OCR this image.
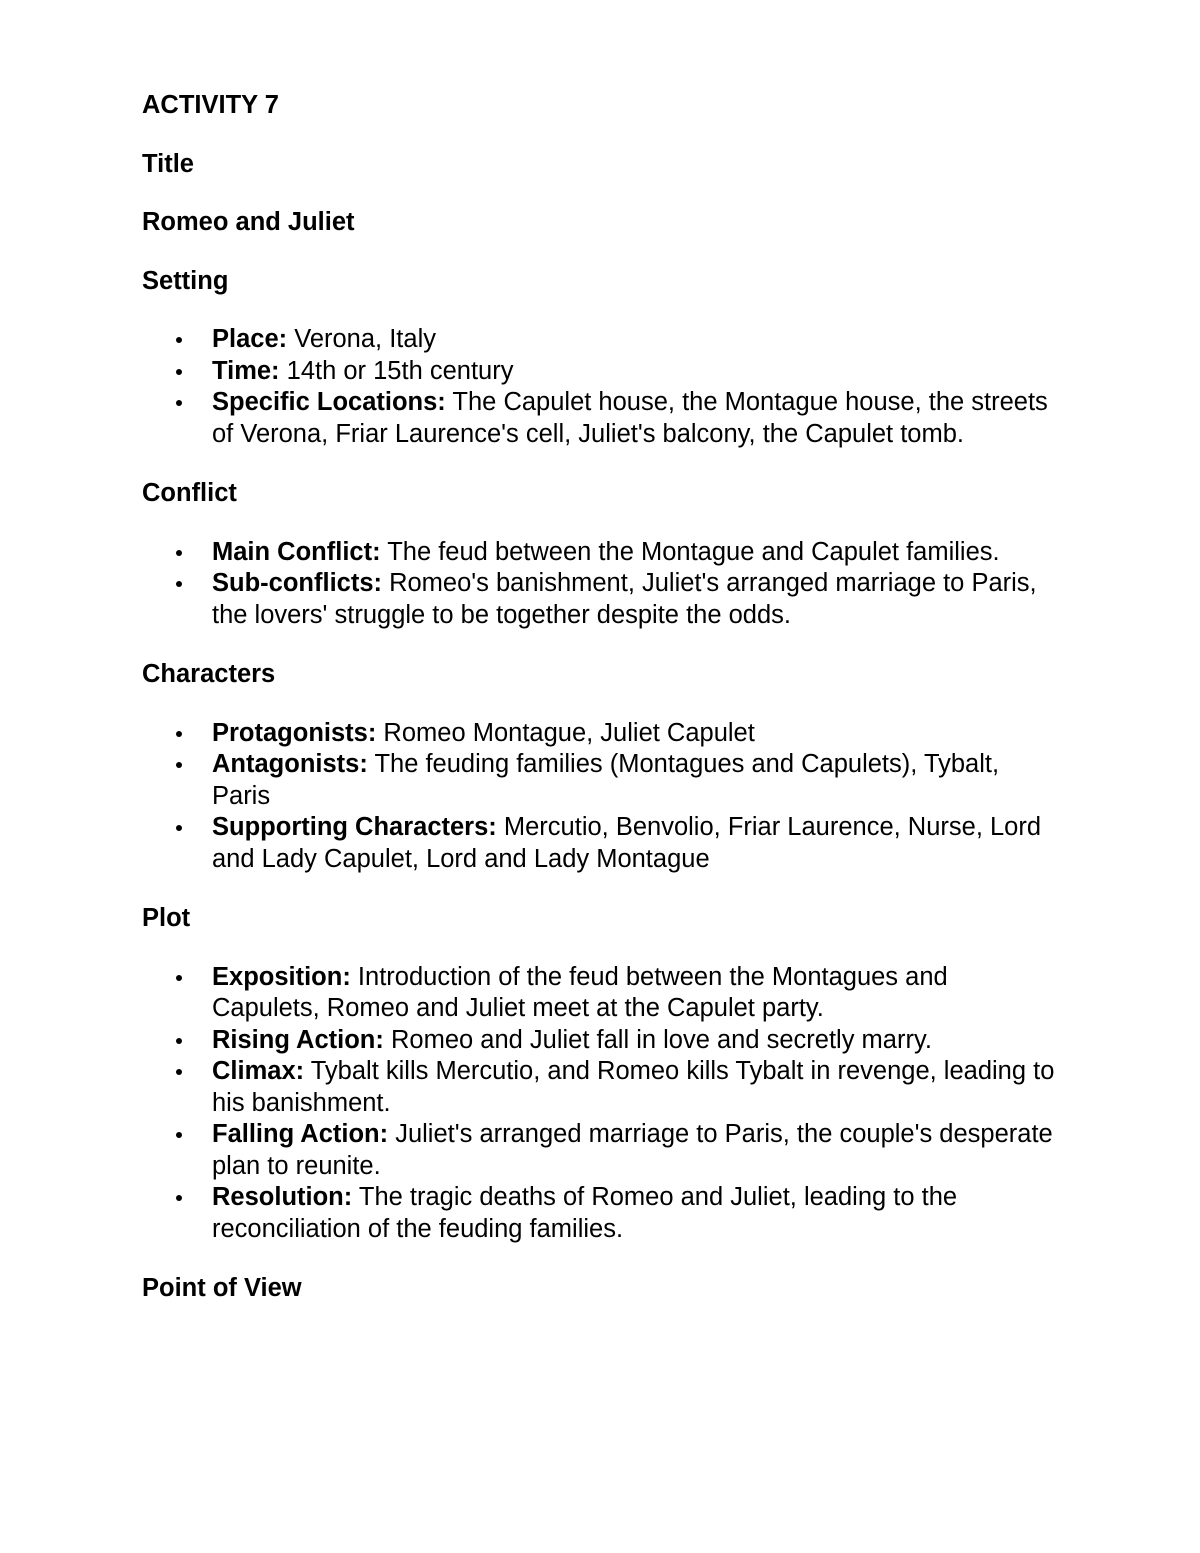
ACTIVITY 7
Title
Romeo and Juliet
Setting
Place: Verona, Italy
Time: 14th or 15th century
Specific Locations: The Capulet house, the Montague house, the streets of Verona, Friar Laurence's cell, Juliet's balcony, the Capulet tomb.
Conflict
Main Conflict: The feud between the Montague and Capulet families.
Sub-conflicts: Romeo's banishment, Juliet's arranged marriage to Paris, the lovers' struggle to be together despite the odds.
Characters
Protagonists: Romeo Montague, Juliet Capulet
Antagonists: The feuding families (Montagues and Capulets), Tybalt, Paris
Supporting Characters: Mercutio, Benvolio, Friar Laurence, Nurse, Lord and Lady Capulet, Lord and Lady Montague
Plot
Exposition: Introduction of the feud between the Montagues and Capulets, Romeo and Juliet meet at the Capulet party.
Rising Action: Romeo and Juliet fall in love and secretly marry.
Climax: Tybalt kills Mercutio, and Romeo kills Tybalt in revenge, leading to his banishment.
Falling Action: Juliet's arranged marriage to Paris, the couple's desperate plan to reunite.
Resolution: The tragic deaths of Romeo and Juliet, leading to the reconciliation of the feuding families.
Point of View
